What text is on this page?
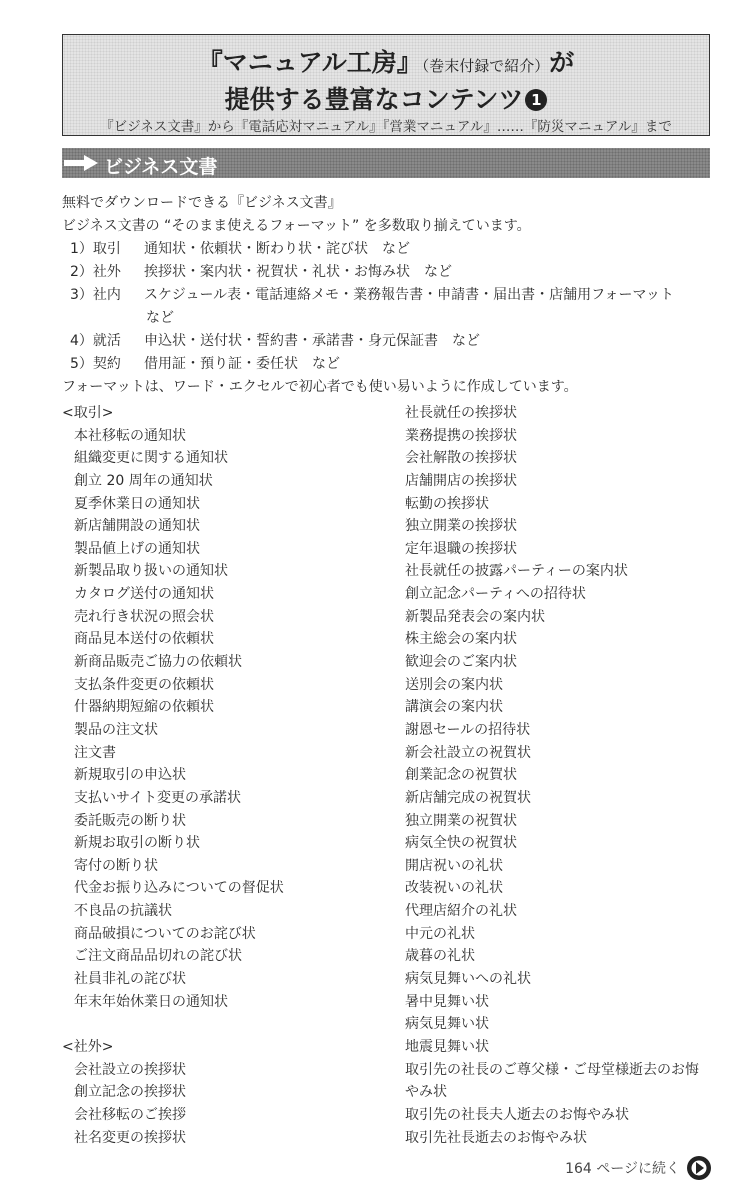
『マニュアル工房』（巻末付録で紹介）が
提供する豊富なコンテンツ 1
『ビジネス文書』から『電話応対マニュアル』『営業マニュアル』……『防災マニュアル』まで
ビジネス文書
無料でダウンロードできる『ビジネス文書』
ビジネス文書の “そのまま使えるフォーマット” を多数取り揃えています。
1）取引 通知状・依頼状・断わり状・詫び状　など
2）社外 挨拶状・案内状・祝賀状・礼状・お悔み状　など
3）社内 スケジュール表・電話連絡メモ・業務報告書・申請書・届出書・店舗用フォーマット
など
4）就活 申込状・送付状・誓約書・承諾書・身元保証書　など
5）契約 借用証・預り証・委任状　など
フォーマットは、ワード・エクセルで初心者でも使い易いように作成しています。
<取引>
本社移転の通知状
組織変更に関する通知状
創立 20 周年の通知状
夏季休業日の通知状
新店舗開設の通知状
製品値上げの通知状
新製品取り扱いの通知状
カタログ送付の通知状
売れ行き状況の照会状
商品見本送付の依頼状
新商品販売ご協力の依頼状
支払条件変更の依頼状
什器納期短縮の依頼状
製品の注文状
注文書
新規取引の申込状
支払いサイト変更の承諾状
委託販売の断り状
新規お取引の断り状
寄付の断り状
代金お振り込みについての督促状
不良品の抗議状
商品破損についてのお詫び状
ご注文商品品切れの詫び状
社員非礼の詫び状
年末年始休業日の通知状
<社外>
会社設立の挨拶状
創立記念の挨拶状
会社移転のご挨拶
社名変更の挨拶状
社長就任の挨拶状
業務提携の挨拶状
会社解散の挨拶状
店舗開店の挨拶状
転勤の挨拶状
独立開業の挨拶状
定年退職の挨拶状
社長就任の披露パーティーの案内状
創立記念パーティへの招待状
新製品発表会の案内状
株主総会の案内状
歓迎会のご案内状
送別会の案内状
講演会の案内状
謝恩セールの招待状
新会社設立の祝賀状
創業記念の祝賀状
新店舗完成の祝賀状
独立開業の祝賀状
病気全快の祝賀状
開店祝いの礼状
改装祝いの礼状
代理店紹介の礼状
中元の礼状
歳暮の礼状
病気見舞いへの礼状
暑中見舞い状
病気見舞い状
地震見舞い状
取引先の社長のご尊父様・ご母堂様逝去のお悔
やみ状
取引先の社長夫人逝去のお悔やみ状
取引先社長逝去のお悔やみ状
164 ページに続く
